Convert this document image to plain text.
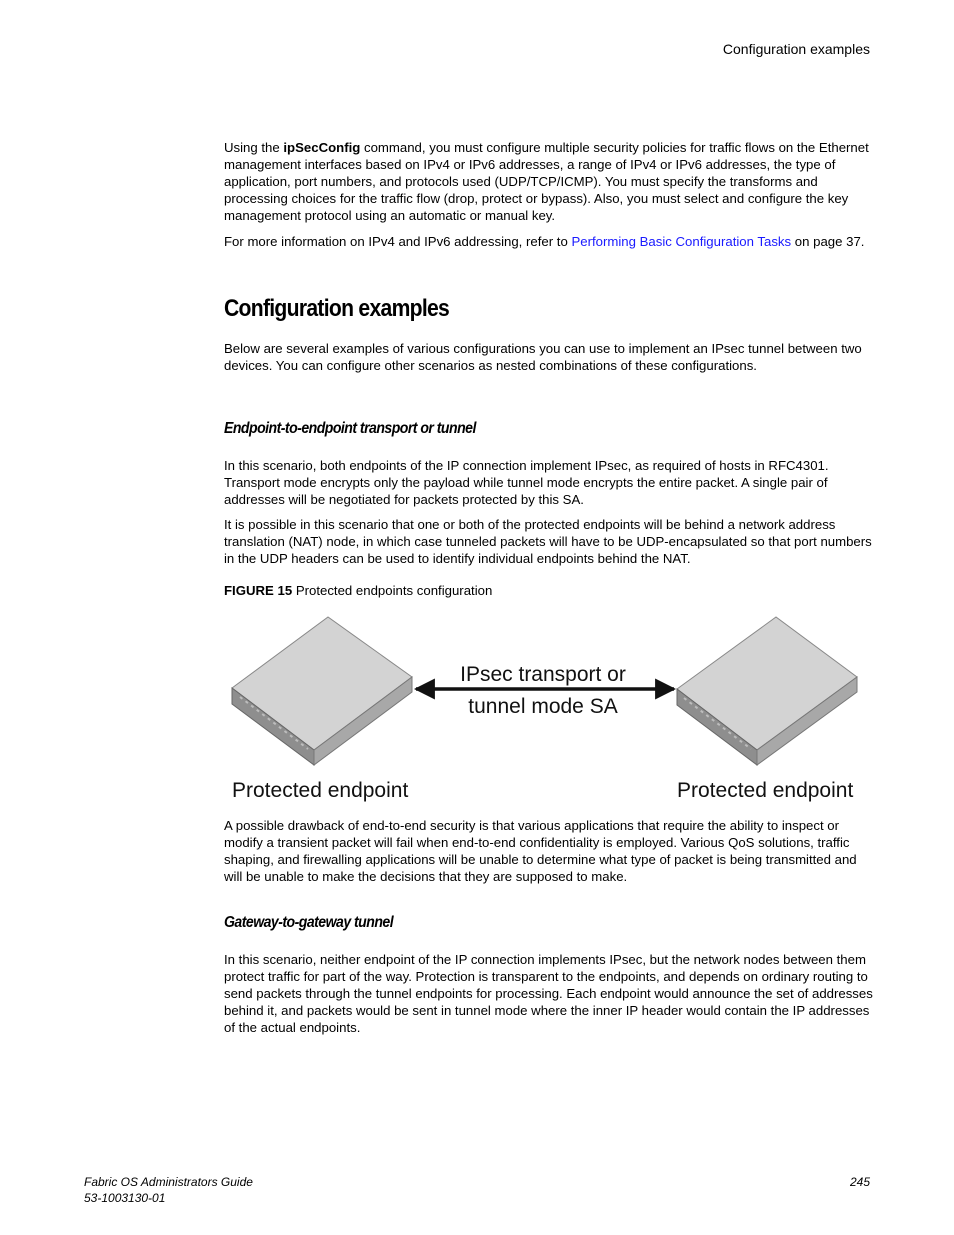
Configuration examples

Using the ipSecConfig command, you must configure multiple security policies for traffic flows on the Ethernet management interfaces based on IPv4 or IPv6 addresses, a range of IPv4 or IPv6 addresses, the type of application, port numbers, and protocols used (UDP/TCP/ICMP). You must specify the transforms and processing choices for the traffic flow (drop, protect or bypass). Also, you must select and configure the key management protocol using an automatic or manual key.

For more information on IPv4 and IPv6 addressing, refer to Performing Basic Configuration Tasks on page 37.

Configuration examples

Below are several examples of various configurations you can use to implement an IPsec tunnel between two devices. You can configure other scenarios as nested combinations of these configurations.

Endpoint-to-endpoint transport or tunnel

In this scenario, both endpoints of the IP connection implement IPsec, as required of hosts in RFC4301. Transport mode encrypts only the payload while tunnel mode encrypts the entire packet. A single pair of addresses will be negotiated for packets protected by this SA.

It is possible in this scenario that one or both of the protected endpoints will be behind a network address translation (NAT) node, in which case tunneled packets will have to be UDP-encapsulated so that port numbers in the UDP headers can be used to identify individual endpoints behind the NAT.

FIGURE 15 Protected endpoints configuration
IPsec transport or
tunnel mode SA
Protected endpoint	Protected endpoint

A possible drawback of end-to-end security is that various applications that require the ability to inspect or modify a transient packet will fail when end-to-end confidentiality is employed. Various QoS solutions, traffic shaping, and firewalling applications will be unable to determine what type of packet is being transmitted and will be unable to make the decisions that they are supposed to make.

Gateway-to-gateway tunnel

In this scenario, neither endpoint of the IP connection implements IPsec, but the network nodes between them protect traffic for part of the way. Protection is transparent to the endpoints, and depends on ordinary routing to send packets through the tunnel endpoints for processing. Each endpoint would announce the set of addresses behind it, and packets would be sent in tunnel mode where the inner IP header would contain the IP addresses of the actual endpoints.

Fabric OS Administrators Guide
53-1003130-01
245
